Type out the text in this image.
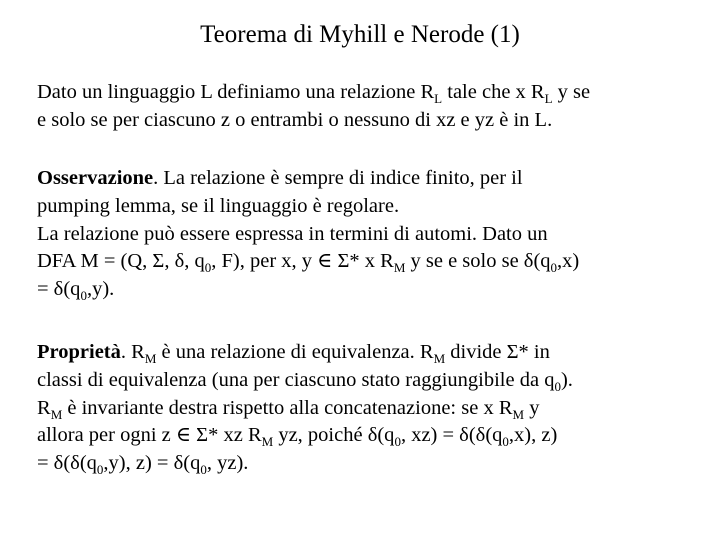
Teorema di Myhill e Nerode (1)
Dato un linguaggio L definiamo una relazione $R_L$ tale che x $R_L$ y se
e solo se per ciascuno z o entrambi o nessuno di xz e yz è in L.
Osservazione. La relazione è sempre di indice finito, per il
pumping lemma, se il linguaggio è regolare.
La relazione può essere espressa in termini di automi. Dato un
DFA M = (Q, Σ, δ, $q_0$, F), per x, y ∈ Σ* x $R_M$ y se e solo se $\delta(q_0,x)$
= $\delta(q_0,y)$.
Proprietà. $R_M$ è una relazione di equivalenza. $R_M$ divide Σ* in
classi di equivalenza (una per ciascuno stato raggiungibile da $q_0$).
$R_M$ è invariante destra rispetto alla concatenazione: se x $R_M$ y
allora per ogni z ∈ Σ* xz $R_M$ yz, poiché $\delta(q_0$, $xz) = \delta(\delta(q_0,x)$, z)
= $\delta(\delta(q_0,y)$, $z) = \delta(q_0$, yz).
